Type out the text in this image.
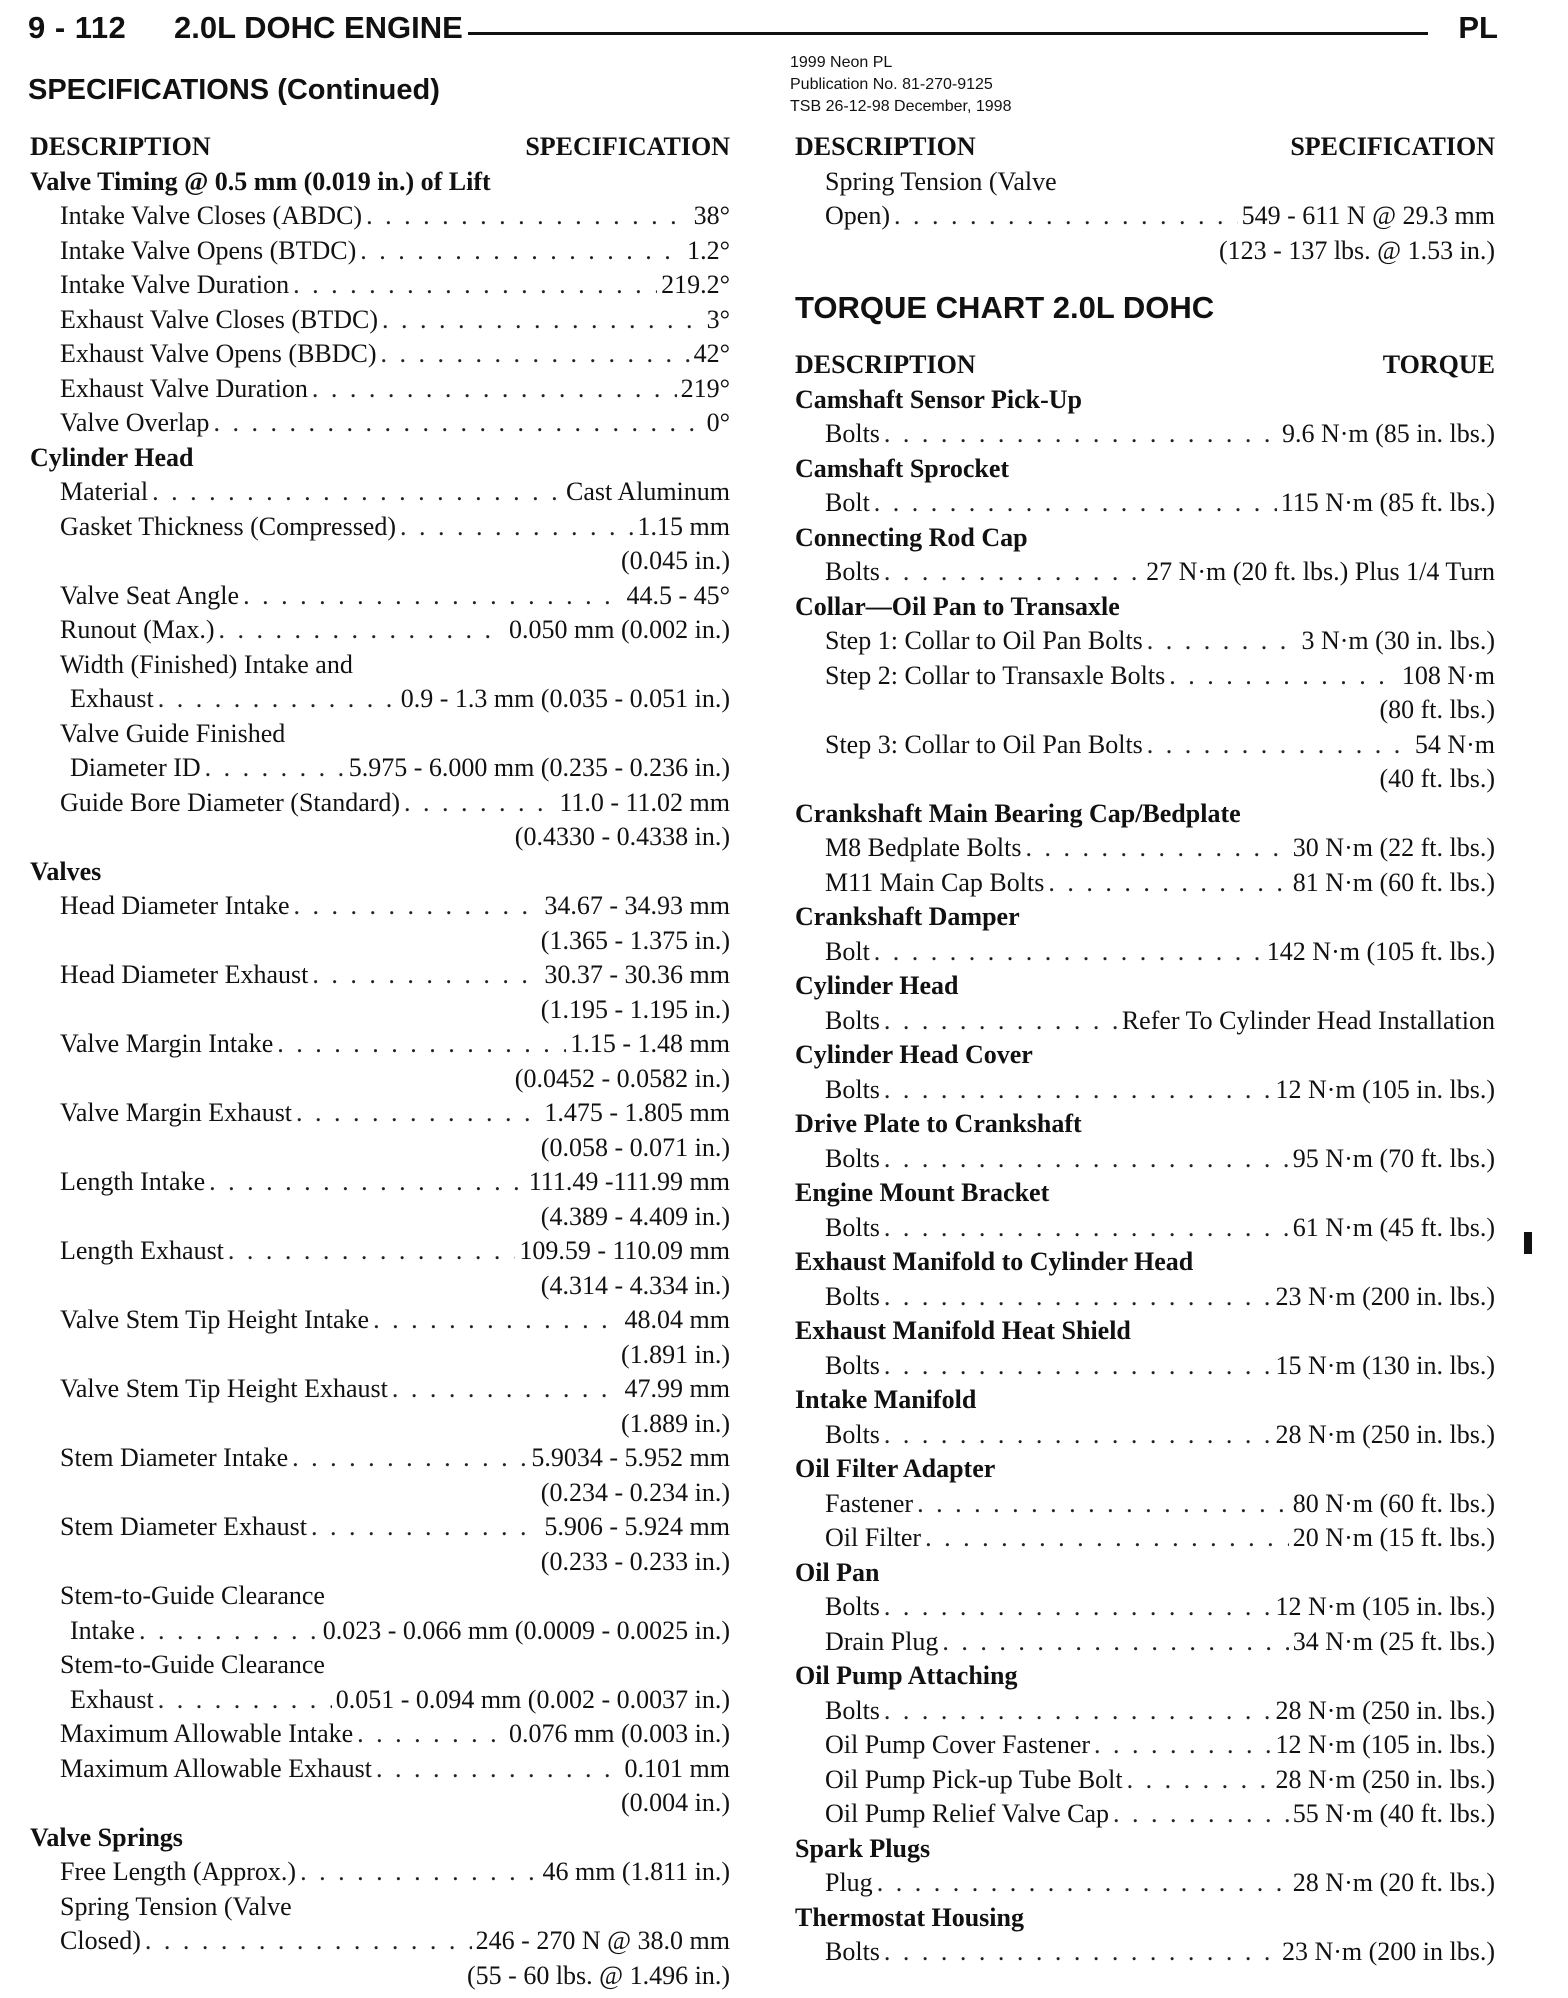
9 - 112 2.0L DOHC ENGINE	PL
SPECIFICATIONS (Continued)
1999 Neon PL
Publication No. 81-270-9125
TSB 26-12-98 December, 1998
DESCRIPTION	SPECIFICATION
Valve Timing @ 0.5 mm (0.019 in.) of Lift
Intake Valve Closes (ABDC) . . .	38°
Intake Valve Opens (BTDC) . . .	1.2°
Intake Valve Duration . . .	219.2°
Exhaust Valve Closes (BTDC) . . .	3°
Exhaust Valve Opens (BBDC) . . .	42°
Exhaust Valve Duration . . .	219°
Valve Overlap . . .	0°
Cylinder Head
Material . . .	Cast Aluminum
Gasket Thickness (Compressed) . . .	1.15 mm
(0.045 in.)
Valve Seat Angle . . .	44.5 - 45°
Runout (Max.) . . .	0.050 mm (0.002 in.)
Width (Finished) Intake and
Exhaust . . .	0.9 - 1.3 mm (0.035 - 0.051 in.)
Valve Guide Finished
Diameter ID . . .	5.975 - 6.000 mm (0.235 - 0.236 in.)
Guide Bore Diameter (Standard) . . .	11.0 - 11.02 mm
(0.4330 - 0.4338 in.)
Valves
Head Diameter Intake . . .	34.67 - 34.93 mm
(1.365 - 1.375 in.)
Head Diameter Exhaust . . .	30.37 - 30.36 mm
(1.195 - 1.195 in.)
Valve Margin Intake . . .	1.15 - 1.48 mm
(0.0452 - 0.0582 in.)
Valve Margin Exhaust . . .	1.475 - 1.805 mm
(0.058 - 0.071 in.)
Length Intake . . .	111.49 -111.99 mm
(4.389 - 4.409 in.)
Length Exhaust . . .	109.59 - 110.09 mm
(4.314 - 4.334 in.)
Valve Stem Tip Height Intake . . .	48.04 mm
(1.891 in.)
Valve Stem Tip Height Exhaust . . .	47.99 mm
(1.889 in.)
Stem Diameter Intake . . .	5.9034 - 5.952 mm
(0.234 - 0.234 in.)
Stem Diameter Exhaust . . .	5.906 - 5.924 mm
(0.233 - 0.233 in.)
Stem-to-Guide Clearance
Intake . . .	0.023 - 0.066 mm (0.0009 - 0.0025 in.)
Stem-to-Guide Clearance
Exhaust . . .	0.051 - 0.094 mm (0.002 - 0.0037 in.)
Maximum Allowable Intake . . .	0.076 mm (0.003 in.)
Maximum Allowable Exhaust . . .	0.101 mm
(0.004 in.)
Valve Springs
Free Length (Approx.) . . .	46 mm (1.811 in.)
Spring Tension (Valve
Closed) . . .	246 - 270 N @ 38.0 mm
(55 - 60 lbs. @ 1.496 in.)
DESCRIPTION	SPECIFICATION
Spring Tension (Valve
Open) . . .	549 - 611 N @ 29.3 mm
(123 - 137 lbs. @ 1.53 in.)
TORQUE CHART 2.0L DOHC
DESCRIPTION	TORQUE
Camshaft Sensor Pick-Up
Bolts . . .	9.6 N·m (85 in. lbs.)
Camshaft Sprocket
Bolt . . .	115 N·m (85 ft. lbs.)
Connecting Rod Cap
Bolts . . .	27 N·m (20 ft. lbs.) Plus 1/4 Turn
Collar—Oil Pan to Transaxle
Step 1: Collar to Oil Pan Bolts . . .	3 N·m (30 in. lbs.)
Step 2: Collar to Transaxle Bolts . . .	108 N·m
(80 ft. lbs.)
Step 3: Collar to Oil Pan Bolts . . .	54 N·m
(40 ft. lbs.)
Crankshaft Main Bearing Cap/Bedplate
M8 Bedplate Bolts . . .	30 N·m (22 ft. lbs.)
M11 Main Cap Bolts . . .	81 N·m (60 ft. lbs.)
Crankshaft Damper
Bolt . . .	142 N·m (105 ft. lbs.)
Cylinder Head
Bolts . . .	Refer To Cylinder Head Installation
Cylinder Head Cover
Bolts . . .	12 N·m (105 in. lbs.)
Drive Plate to Crankshaft
Bolts . . .	95 N·m (70 ft. lbs.)
Engine Mount Bracket
Bolts . . .	61 N·m (45 ft. lbs.)
Exhaust Manifold to Cylinder Head
Bolts . . .	23 N·m (200 in. lbs.)
Exhaust Manifold Heat Shield
Bolts . . .	15 N·m (130 in. lbs.)
Intake Manifold
Bolts . . .	28 N·m (250 in. lbs.)
Oil Filter Adapter
Fastener . . .	80 N·m (60 ft. lbs.)
Oil Filter . . .	20 N·m (15 ft. lbs.)
Oil Pan
Bolts . . .	12 N·m (105 in. lbs.)
Drain Plug . . .	34 N·m (25 ft. lbs.)
Oil Pump Attaching
Bolts . . .	28 N·m (250 in. lbs.)
Oil Pump Cover Fastener . . .	12 N·m (105 in. lbs.)
Oil Pump Pick-up Tube Bolt . . .	28 N·m (250 in. lbs.)
Oil Pump Relief Valve Cap . . .	55 N·m (40 ft. lbs.)
Spark Plugs
Plug . . .	28 N·m (20 ft. lbs.)
Thermostat Housing
Bolts . . .	23 N·m (200 in lbs.)
